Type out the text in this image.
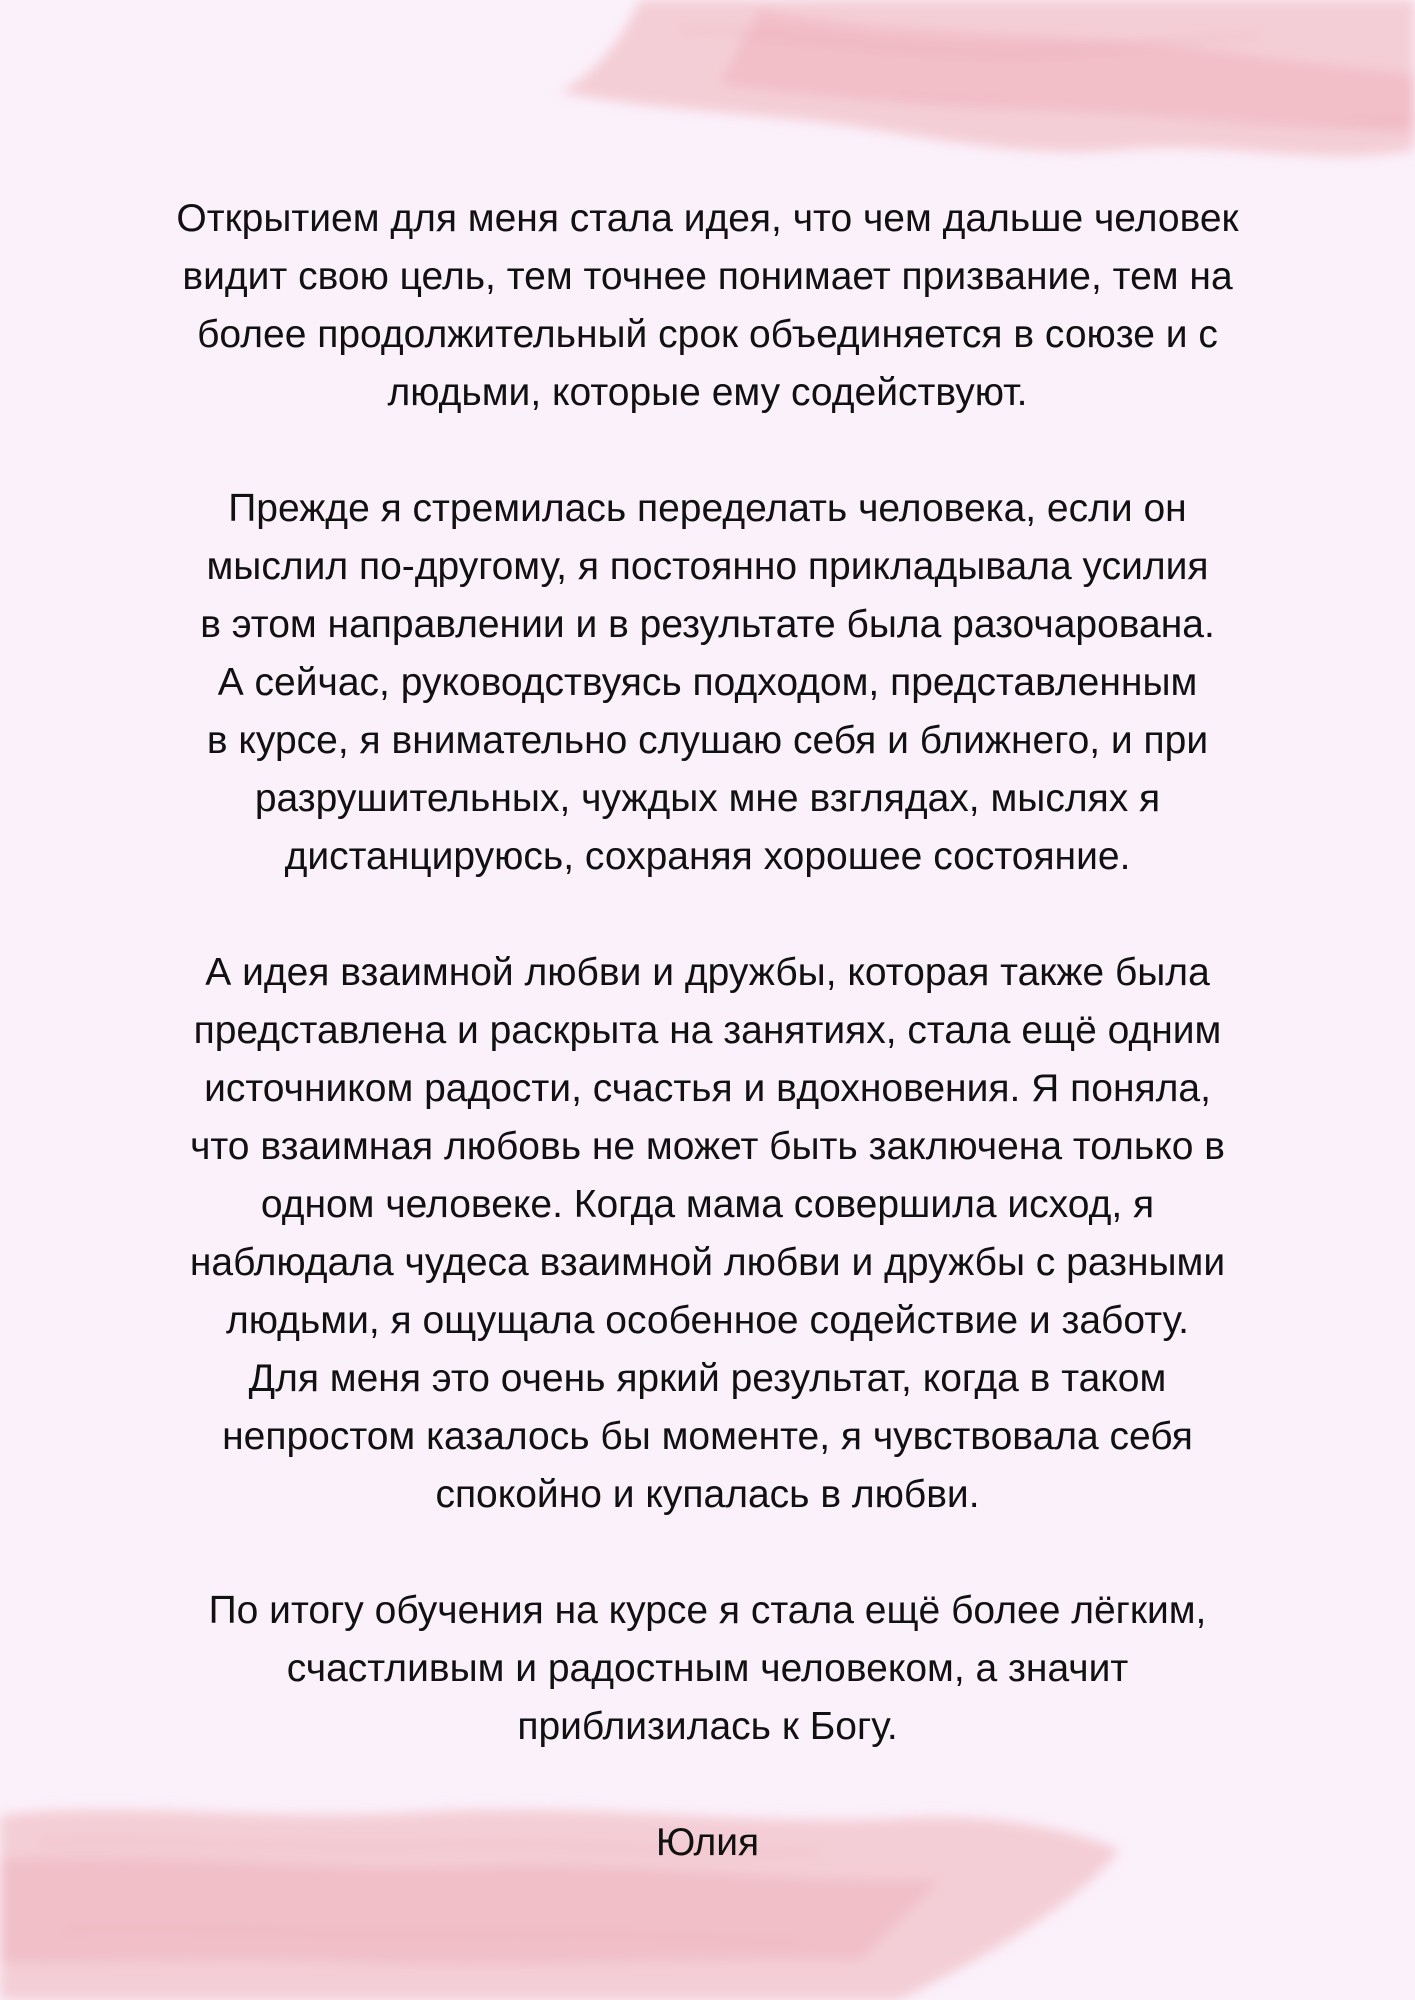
Открытием для меня стала идея, что чем дальше человек
видит свою цель, тем точнее понимает призвание, тем на
более продолжительный срок объединяется в союзе и с
людьми, которые ему содействуют.

Прежде я стремилась переделать человека, если он
мыслил по-другому, я постоянно прикладывала усилия
в этом направлении и в результате была разочарована.
А сейчас, руководствуясь подходом, представленным
в курсе, я внимательно слушаю себя и ближнего, и при
разрушительных, чуждых мне взглядах, мыслях я
дистанцируюсь, сохраняя хорошее состояние.

А идея взаимной любви и дружбы, которая также была
представлена и раскрыта на занятиях, стала ещё одним
источником радости, счастья и вдохновения. Я поняла,
что взаимная любовь не может быть заключена только в
одном человеке. Когда мама совершила исход, я
наблюдала чудеса взаимной любви и дружбы с разными
людьми, я ощущала особенное содействие и заботу.
Для меня это очень яркий результат, когда в таком
непростом казалось бы моменте, я чувствовала себя
спокойно и купалась в любви.

По итогу обучения на курсе я стала ещё более лёгким,
счастливым и радостным человеком, а значит
приблизилась к Богу.

Юлия
